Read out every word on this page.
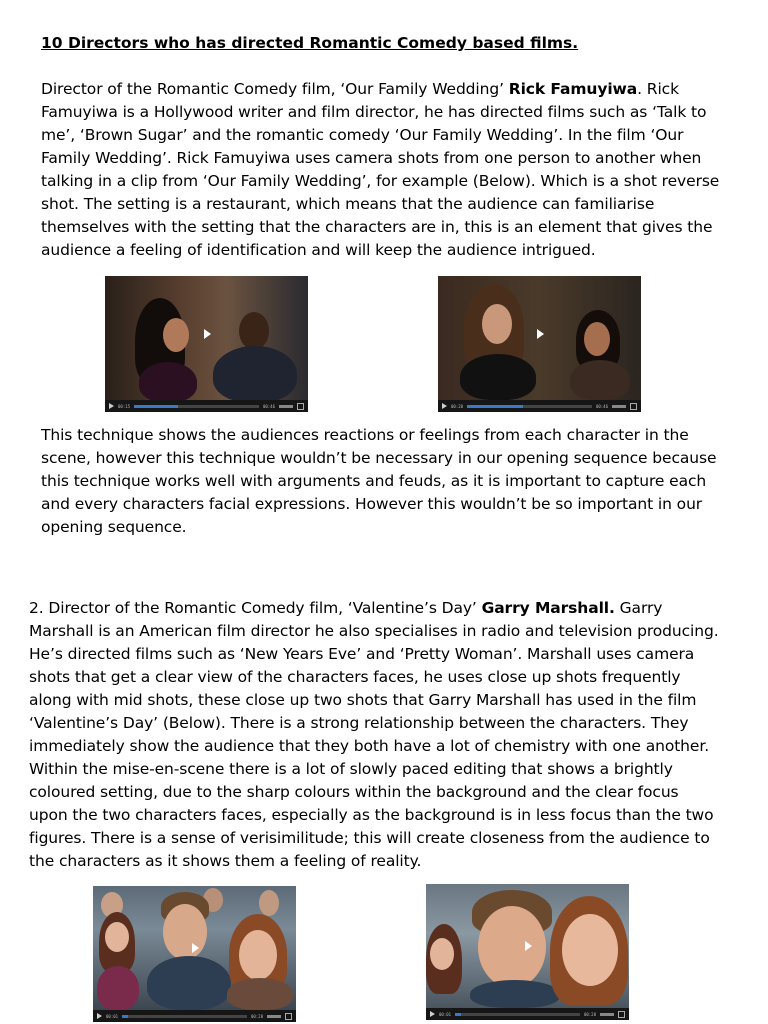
10 Directors who has directed Romantic Comedy based films.
Director of the Romantic Comedy film, ‘Our Family Wedding’ Rick Famuyiwa. Rick
Famuyiwa is a Hollywood writer and film director, he has directed films such as ‘Talk to
me’, ‘Brown Sugar’ and the romantic comedy ‘Our Family Wedding’. In the film ‘Our
Family Wedding’. Rick Famuyiwa uses camera shots from one person to another when
talking in a clip from ‘Our Family Wedding’, for example (Below). Which is a shot reverse
shot. The setting is a restaurant, which means that the audience can familiarise
themselves with the setting that the characters are in, this is an element that gives the
audience a feeling of identification and will keep the audience intrigued.
00:15	00:46	00:20	00:46
This technique shows the audiences reactions or feelings from each character in the
scene, however this technique wouldn’t be necessary in our opening sequence because
this technique works well with arguments and feuds, as it is important to capture each
and every characters facial expressions. However this wouldn’t be so important in our
opening sequence.
2. Director of the Romantic Comedy film, ‘Valentine’s Day’ Garry Marshall. Garry
Marshall is an American film director he also specialises in radio and television producing.
He’s directed films such as ‘New Years Eve’ and ‘Pretty Woman’. Marshall uses camera
shots that get a clear view of the characters faces, he uses close up shots frequently
along with mid shots, these close up two shots that Garry Marshall has used in the film
‘Valentine’s Day’ (Below). There is a strong relationship between the characters. They
immediately show the audience that they both have a lot of chemistry with one another.
Within the mise-en-scene there is a lot of slowly paced editing that shows a brightly
coloured setting, due to the sharp colours within the background and the clear focus
upon the two characters faces, especially as the background is in less focus than the two
figures. There is a sense of verisimilitude; this will create closeness from the audience to
the characters as it shows them a feeling of reality.
00:01	00:28	00:01	00:28
